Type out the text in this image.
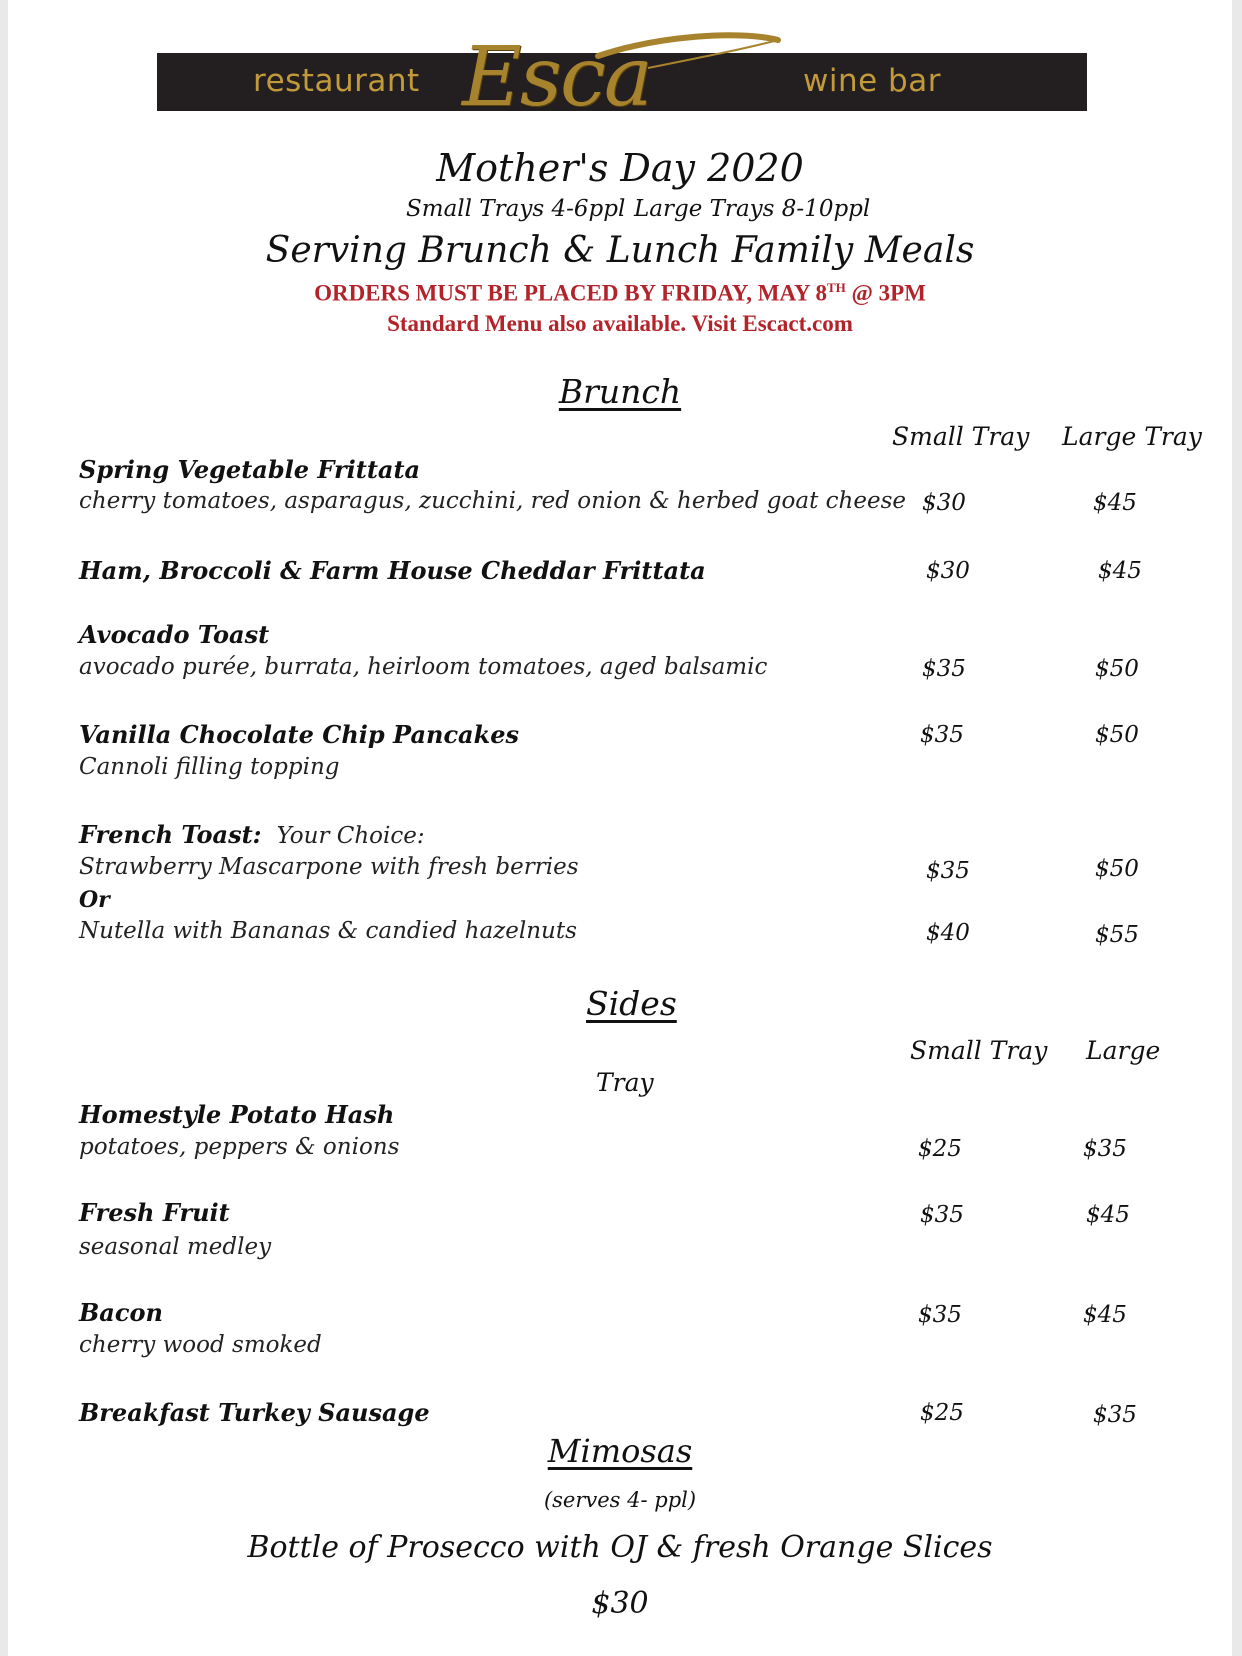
restaurant	wine bar
Esca
Mother's Day 2020
Small Trays 4-6ppl Large Trays 8-10ppl
Serving Brunch & Lunch Family Meals
ORDERS MUST BE PLACED BY FRIDAY, MAY 8TH @ 3PM
Standard Menu also available. Visit Escact.com
Brunch
Small Tray Large Tray
Spring Vegetable Frittata
cherry tomatoes, asparagus, zucchini, red onion & herbed goat cheese $30	$45
Ham, Broccoli & Farm House Cheddar Frittata	$30	$45
Avocado Toast
avocado purée, burrata, heirloom tomatoes, aged balsamic	$35	$50
Vanilla Chocolate Chip Pancakes
Cannoli filling topping
$35	$50
French Toast: Your Choice:
Strawberry Mascarpone with fresh berries	$35	$50
Or
Nutella with Bananas & candied hazelnuts	$40	$55
Sides
Small Tray Large
Tray
Homestyle Potato Hash
potatoes, peppers & onions	$25	$35
Fresh Fruit
seasonal medley
$35	$45
Bacon
cherry wood smoked
$35	$45
Breakfast Turkey Sausage	$25	$35
Mimosas
(serves 4- ppl)
Bottle of Prosecco with OJ & fresh Orange Slices
$30
